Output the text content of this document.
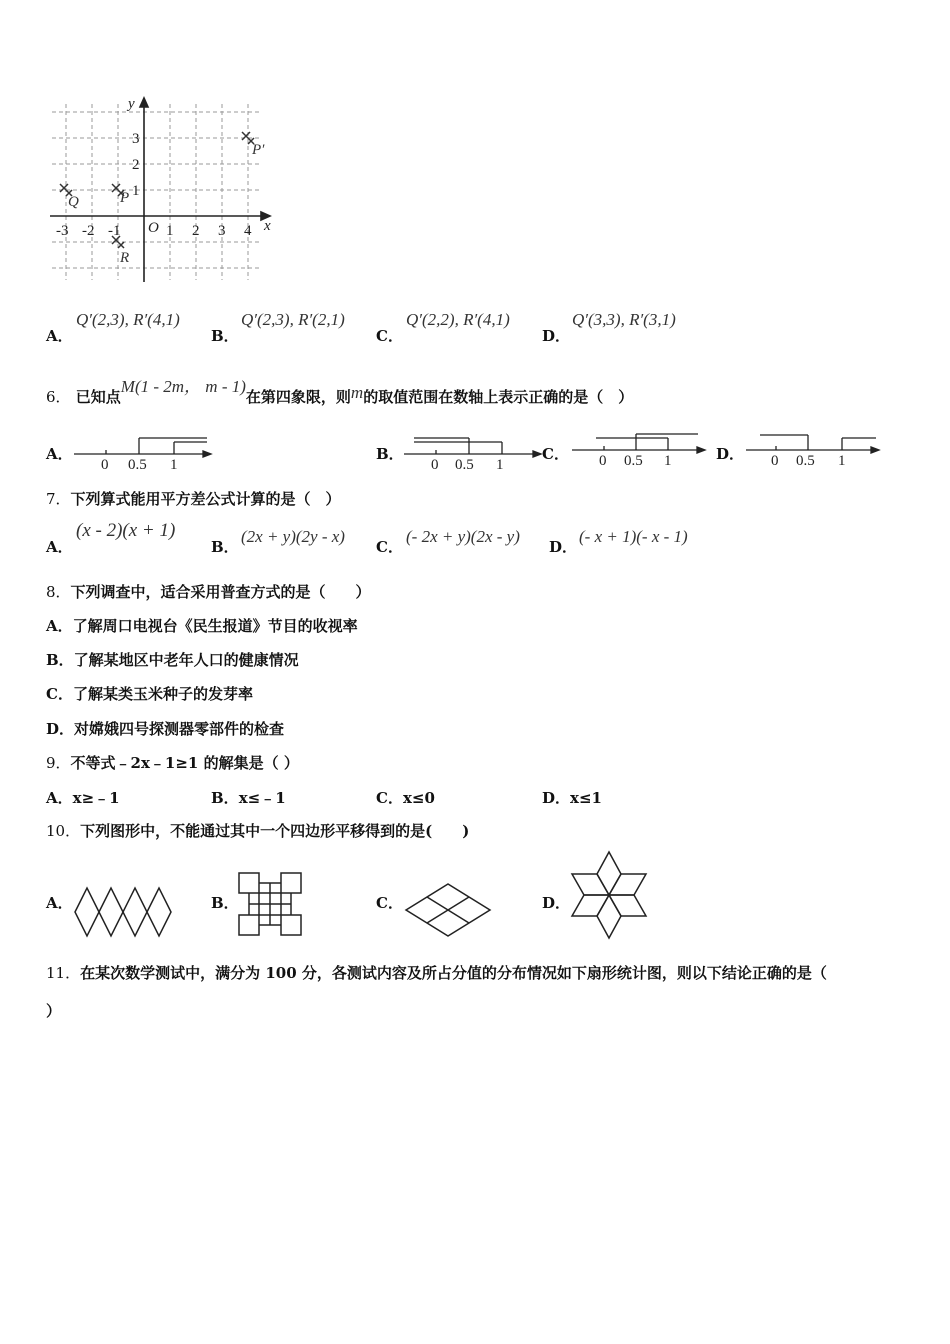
x
y
O
-3 -2 -1	1 2 3 4
3
2
1
Q	P
P′
R
A．
Q′(2,3), R′(4,1)
B．
Q′(2,3), R′(2,1)
C．
Q′(2,2), R′(4,1)
D．
Q′(3,3), R′(3,1)
6． 已知点M(1 - 2m， m - 1)在第四象限，则m的取值范围在数轴上表示正确的是（　）
A．
0 0.5 1
B．
0 0.5 1
C． 0 0.5 1	D． 0 0.5 1
7．下列算式能用平方差公式计算的是（　）
A．
(x - 2)(x + 1)
B．
(2x + y)(2y - x)
C．
(- 2x + y)(2x - y)
D．
(- x + 1)(- x - 1)
8．下列调查中，适合采用普查方式的是（　　）
A．了解周口电视台《民生报道》节目的收视率
B．了解某地区中老年人口的健康情况
C．了解某类玉米种子的发芽率
D．对嫦娥四号探测器零部件的检查
9．不等式﹣2x﹣1≥1 的解集是（ ）
A．x≥﹣1	B．x≤﹣1	C．x≤0	D．x≤1
10．下列图形中，不能通过其中一个四边形平移得到的是(　　)
A．	B．	C．	D．
11．在某次数学测试中，满分为 100 分，各测试内容及所占分值的分布情况如下扇形统计图，则以下结论正确的是（
）
